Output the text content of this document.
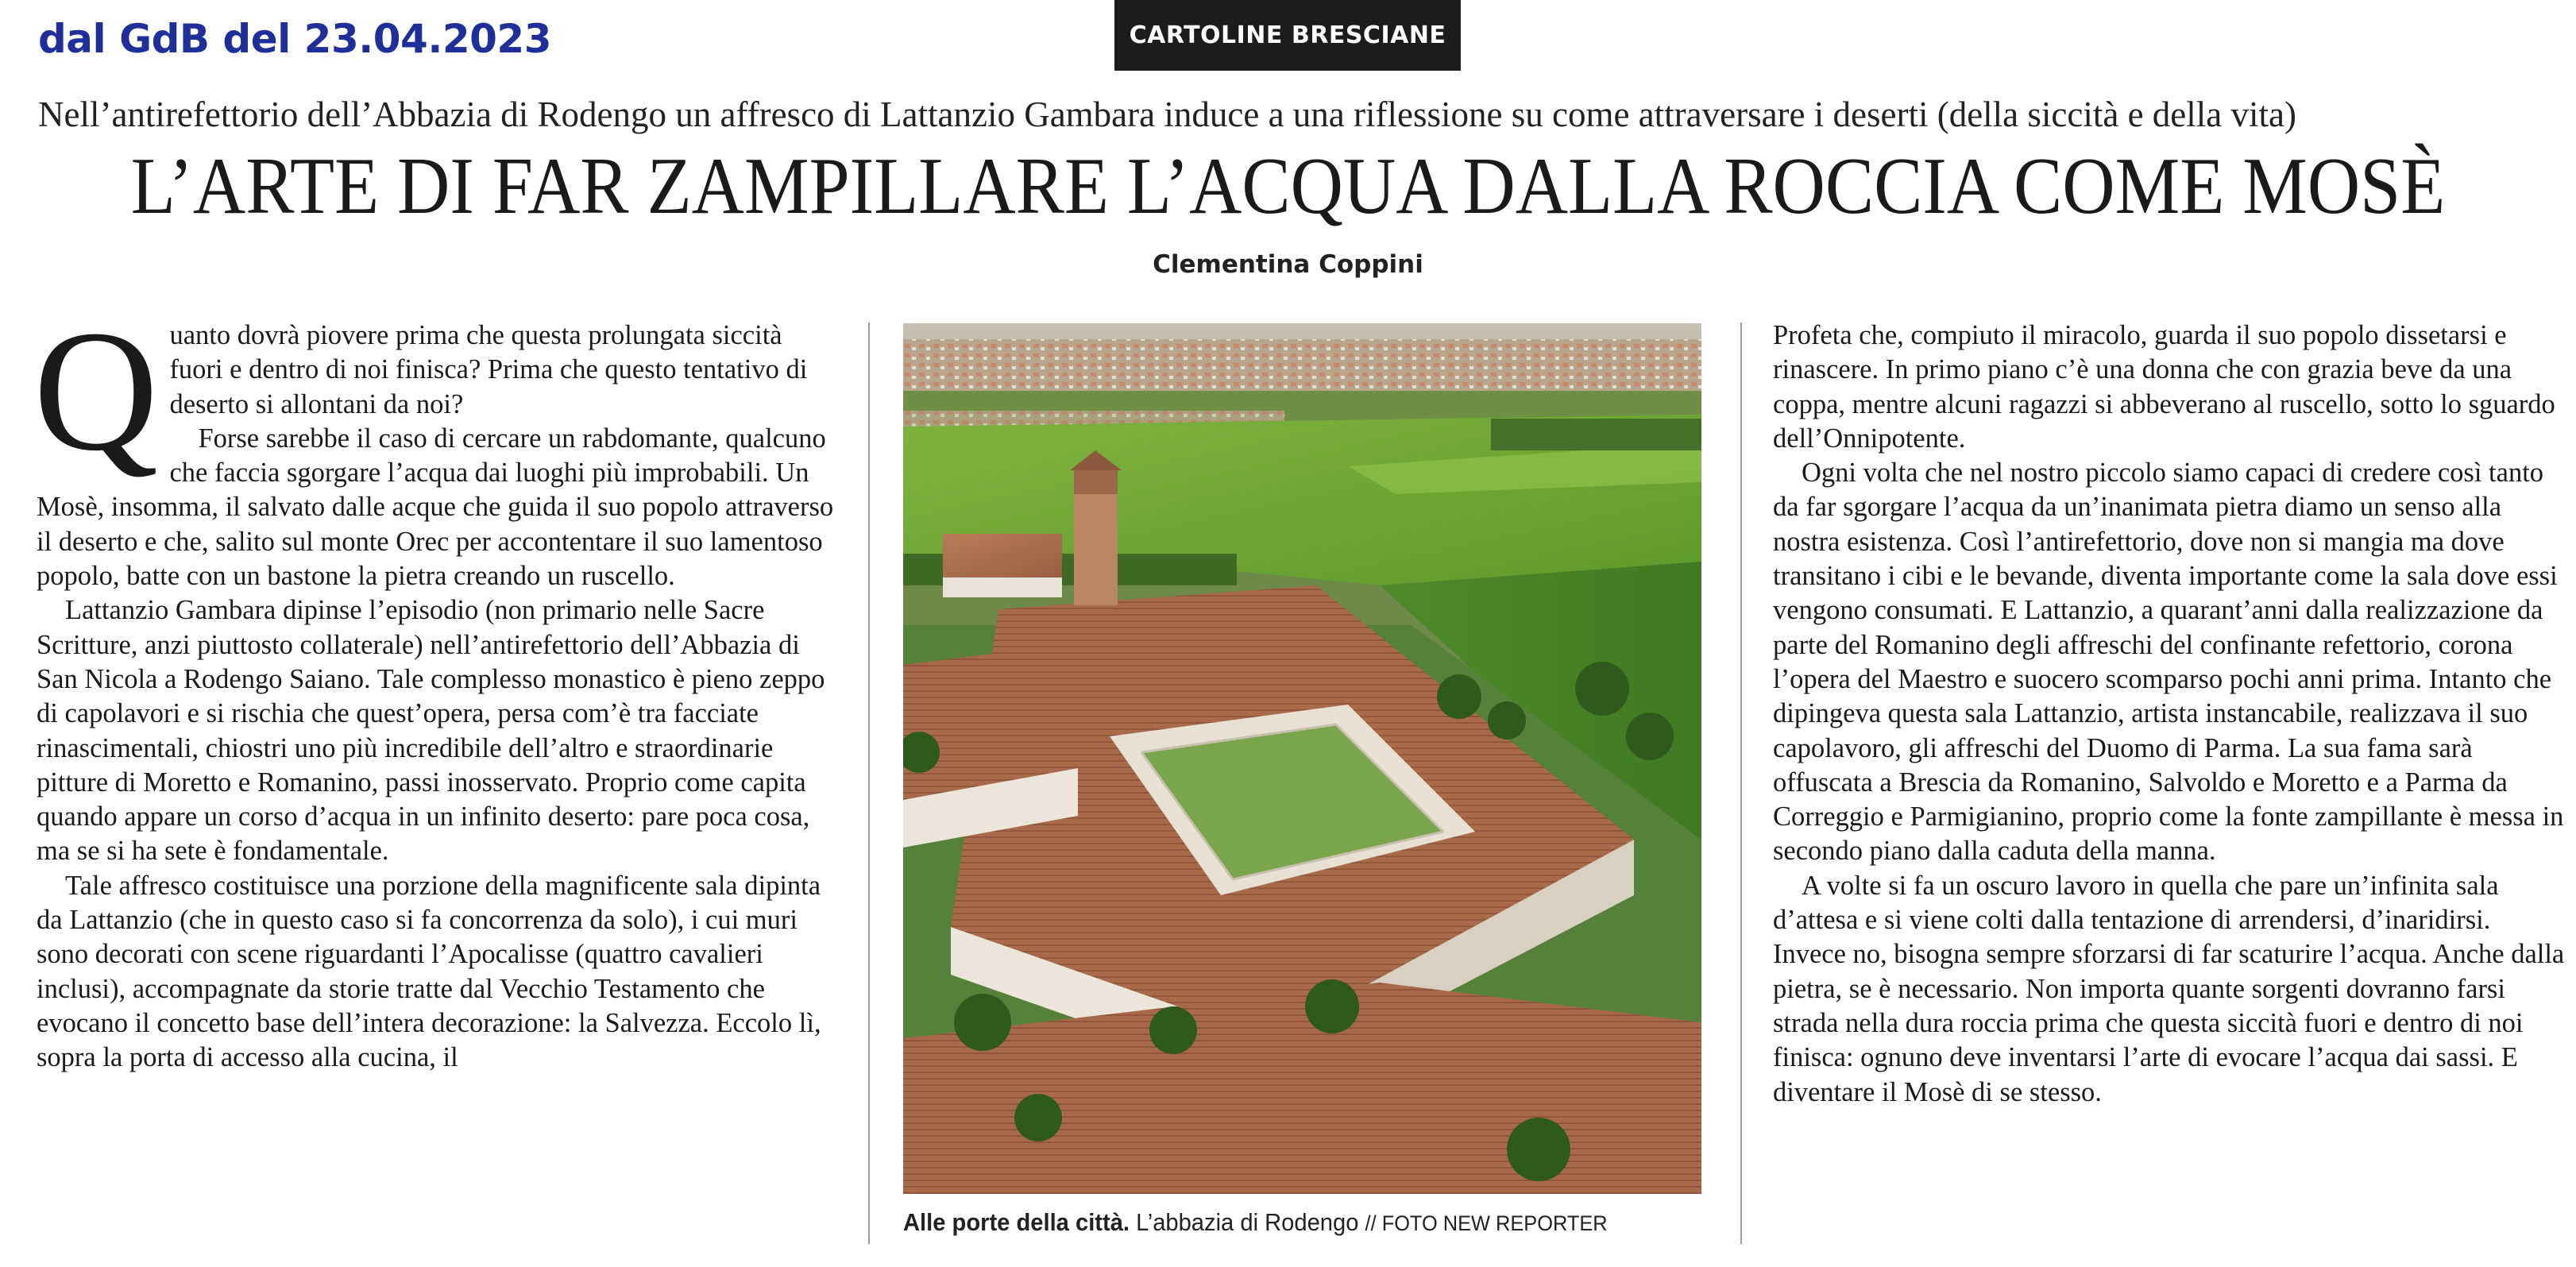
dal GdB del 23.04.2023	CARTOLINE BRESCIANE
Nell’antirefettorio dell’Abbazia di Rodengo un affresco di Lattanzio Gambara induce a una riflessione su come attraversare i deserti (della siccità e della vita)
L’ARTE DI FAR ZAMPILLARE L’ACQUA DALLA ROCCIA COME MOSÈ
Clementina Coppini
Q uanto dovrà piovere prima che questa prolungata siccità fuori e dentro di noi finisca? Prima che questo tentativo di deserto si allontani da noi?

Forse sarebbe il caso di cercare un rabdomante, qualcuno che faccia sgorgare l’acqua dai luoghi più improbabili. Un Mosè, insomma, il salvato dalle acque che guida il suo popolo attraverso il deserto e che, salito sul monte Orec per accontentare il suo lamentoso popolo, batte con un bastone la pietra creando un ruscello.

Lattanzio Gambara dipinse l’episodio (non primario nelle Sacre Scritture, anzi piuttosto collaterale) nell’antirefettorio dell’Abbazia di San Nicola a Rodengo Saiano. Tale complesso monastico è pieno zeppo di capolavori e si rischia che quest’opera, persa com’è tra facciate rinascimentali, chiostri uno più incredibile dell’altro e straordinarie pitture di Moretto e Romanino, passi inosservato. Proprio come capita quando appare un corso d’acqua in un infinito deserto: pare poca cosa, ma se si ha sete è fondamentale.

Tale affresco costituisce una porzione della magnificente sala dipinta da Lattanzio (che in questo caso si fa concorrenza da solo), i cui muri sono decorati con scene riguardanti l’Apocalisse (quattro cavalieri inclusi), accompagnate da storie tratte dal Vecchio Testamento che evocano il concetto base dell’intera decorazione: la Salvezza. Eccolo lì, sopra la porta di accesso alla cucina, il

Alle porte della città. L’abbazia di Rodengo // FOTO NEW REPORTER

Profeta che, compiuto il miracolo, guarda il suo popolo dissetarsi e rinascere. In primo piano c’è una donna che con grazia beve da una coppa, mentre alcuni ragazzi si abbeverano al ruscello, sotto lo sguardo dell’Onnipotente.

Ogni volta che nel nostro piccolo siamo capaci di credere così tanto da far sgorgare l’acqua da un’inanimata pietra diamo un senso alla nostra esistenza. Così l’antirefettorio, dove non si mangia ma dove transitano i cibi e le bevande, diventa importante come la sala dove essi vengono consumati. E Lattanzio, a quarant’anni dalla realizzazione da parte del Romanino degli affreschi del confinante refettorio, corona l’opera del Maestro e suocero scomparso pochi anni prima. Intanto che dipingeva questa sala Lattanzio, artista instancabile, realizzava il suo capolavoro, gli affreschi del Duomo di Parma. La sua fama sarà offuscata a Brescia da Romanino, Salvoldo e Moretto e a Parma da Correggio e Parmigianino, proprio come la fonte zampillante è messa in secondo piano dalla caduta della manna.

A volte si fa un oscuro lavoro in quella che pare un’infinita sala d’attesa e si viene colti dalla tentazione di arrendersi, d’inaridirsi. Invece no, bisogna sempre sforzarsi di far scaturire l’acqua. Anche dalla pietra, se è necessario. Non importa quante sorgenti dovranno farsi strada nella dura roccia prima che questa siccità fuori e dentro di noi finisca: ognuno deve inventarsi l’arte di evocare l’acqua dai sassi. E diventare il Mosè di se stesso.
